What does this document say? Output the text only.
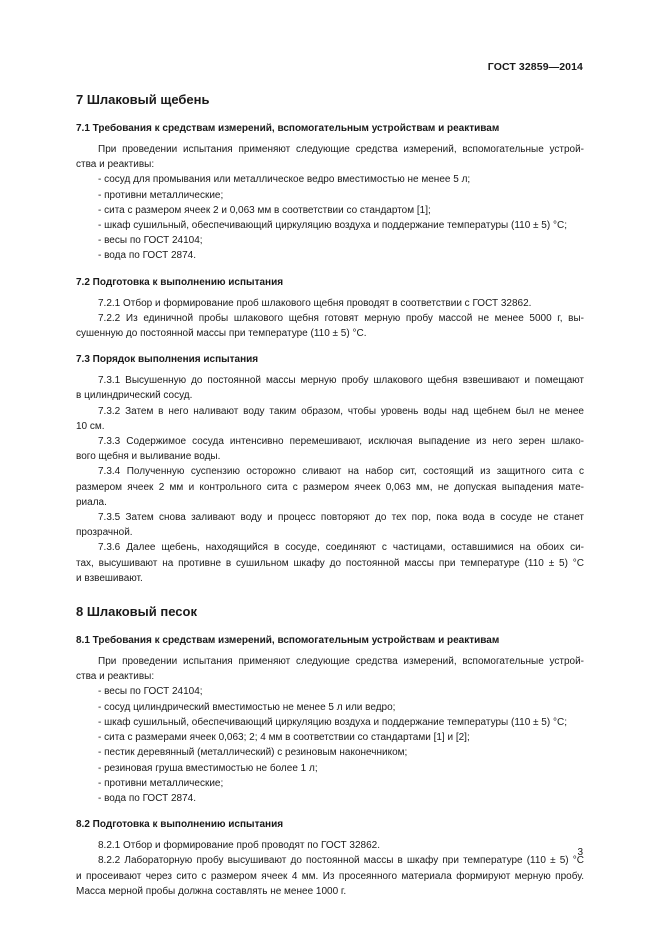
ГОСТ 32859—2014
7 Шлаковый щебень
7.1 Требования к средствам измерений, вспомогательным устройствам и реактивам
При проведении испытания применяют следующие средства измерений, вспомогательные устрой-
ства и реактивы:
- сосуд для промывания или металлическое ведро вместимостью не менее 5 л;
- противни металлические;
- сита с размером ячеек 2 и 0,063 мм в соответствии со стандартом [1];
- шкаф сушильный, обеспечивающий циркуляцию воздуха и поддержание температуры (110 ± 5) °С;
- весы по ГОСТ 24104;
- вода по ГОСТ 2874.
7.2 Подготовка к выполнению испытания
7.2.1 Отбор и формирование проб шлакового щебня проводят в соответствии с ГОСТ 32862.
7.2.2 Из единичной пробы шлакового щебня готовят мерную пробу массой не менее 5000 г, вы-
сушенную до постоянной массы при температуре (110 ± 5) °С.
7.3 Порядок выполнения испытания
7.3.1 Высушенную до постоянной массы мерную пробу шлакового щебня взвешивают и помещают
в цилиндрический сосуд.
7.3.2 Затем в него наливают воду таким образом, чтобы уровень воды над щебнем был не менее
10 см.
7.3.3 Содержимое сосуда интенсивно перемешивают, исключая выпадение из него зерен шлако-
вого щебня и выливание воды.
7.3.4 Полученную суспензию осторожно сливают на набор сит, состоящий из защитного сита с
размером ячеек 2 мм и контрольного сита с размером ячеек 0,063 мм, не допуская выпадения мате-
риала.
7.3.5 Затем снова заливают воду и процесс повторяют до тех пор, пока вода в сосуде не станет
прозрачной.
7.3.6 Далее щебень, находящийся в сосуде, соединяют с частицами, оставшимися на обоих си-
тах, высушивают на противне в сушильном шкафу до постоянной массы при температуре (110 ± 5) °С
и взвешивают.
8 Шлаковый песок
8.1 Требования к средствам измерений, вспомогательным устройствам и реактивам
При проведении испытания применяют следующие средства измерений, вспомогательные устрой-
ства и реактивы:
- весы по ГОСТ 24104;
- сосуд цилиндрический вместимостью не менее 5 л или ведро;
- шкаф сушильный, обеспечивающий циркуляцию воздуха и поддержание температуры (110 ± 5) °С;
- сита с размерами ячеек 0,063; 2; 4 мм в соответствии со стандартами [1] и [2];
- пестик деревянный (металлический) с резиновым наконечником;
- резиновая груша вместимостью не более 1 л;
- противни металлические;
- вода по ГОСТ 2874.
8.2 Подготовка к выполнению испытания
8.2.1 Отбор и формирование проб проводят по ГОСТ 32862.
8.2.2 Лабораторную пробу высушивают до постоянной массы в шкафу при температуре (110 ± 5) °С
и просеивают через сито с размером ячеек 4 мм. Из просеянного материала формируют мерную пробу.
Масса мерной пробы должна составлять не менее 1000 г.
3
